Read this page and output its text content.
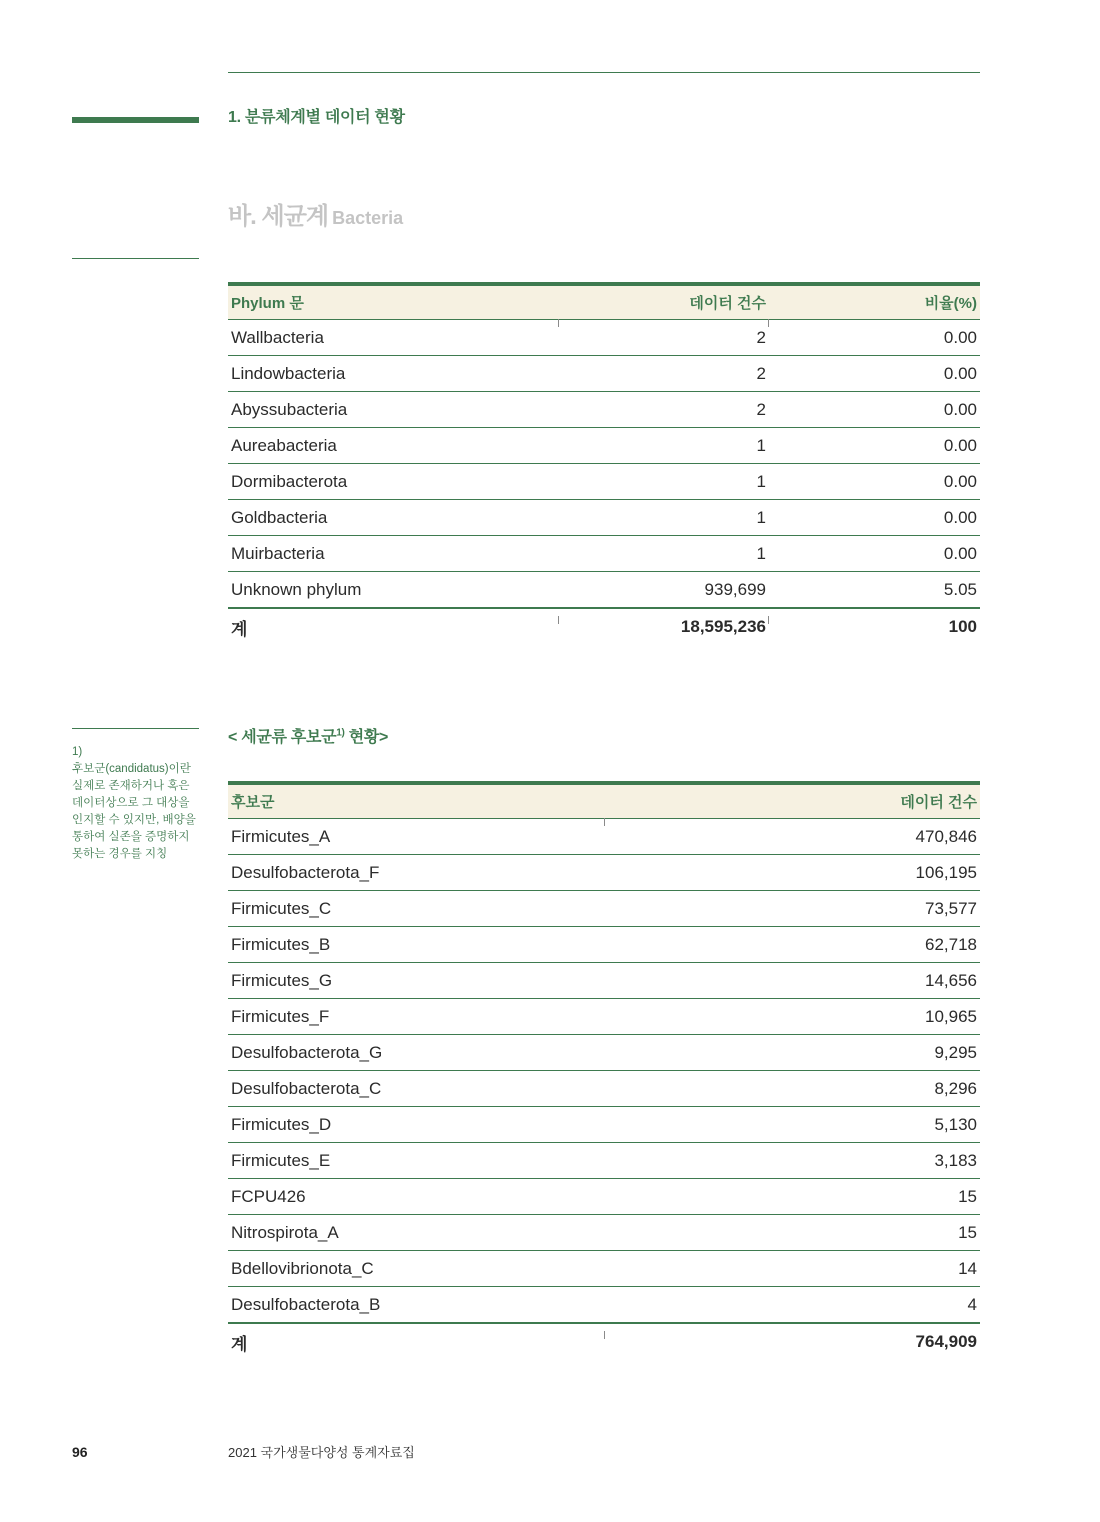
1. 분류체계별 데이터 현황
바. 세균계 Bacteria
Phylum 문	데이터 건수	비율(%)
Wallbacteria	2	0.00
Lindowbacteria	2	0.00
Abyssubacteria	2	0.00
Aureabacteria	1	0.00
Dormibacterota	1	0.00
Goldbacteria	1	0.00
Muirbacteria	1	0.00
Unknown phylum	939,699	5.05
계	18,595,236	100
1)
후보군(candidatus)이란 실제로 존재하거나 혹은 데이터상으로 그 대상을 인지할 수 있지만, 배양을 통하여 실존을 증명하지 못하는 경우를 지칭
< 세균류 후보군$^{1)}$ 현황>
후보군	데이터 건수
Firmicutes_A	470,846
Desulfobacterota_F	106,195
Firmicutes_C	73,577
Firmicutes_B	62,718
Firmicutes_G	14,656
Firmicutes_F	10,965
Desulfobacterota_G	9,295
Desulfobacterota_C	8,296
Firmicutes_D	5,130
Firmicutes_E	3,183
FCPU426	15
Nitrospirota_A	15
Bdellovibrionota_C	14
Desulfobacterota_B	4
계	764,909
96	2021 국가생물다양성 통계자료집
